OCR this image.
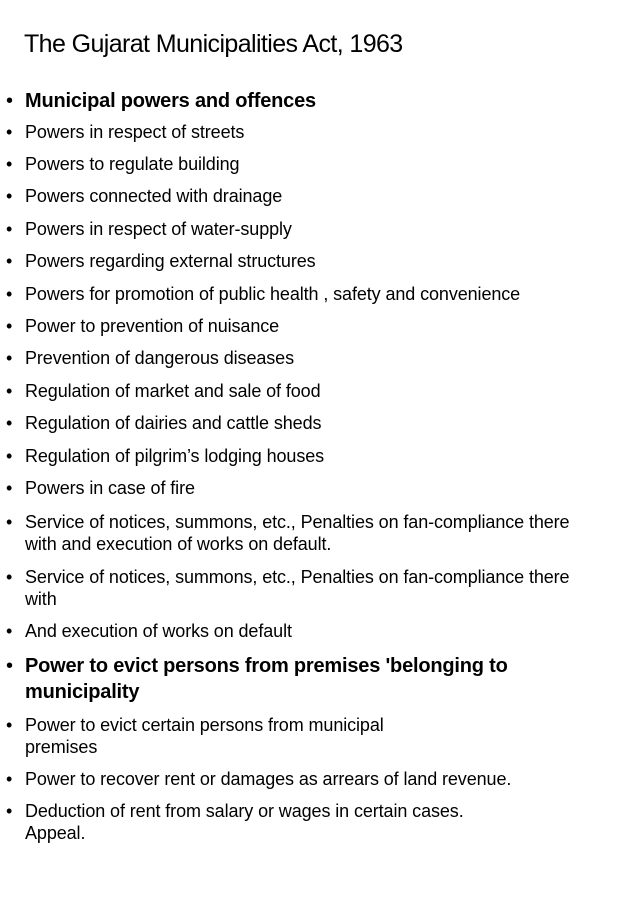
The Gujarat Municipalities Act, 1963
• Municipal powers and offences
• Powers in respect of streets
• Powers to regulate building
• Powers connected with drainage
• Powers in respect of water-supply
• Powers regarding external structures
• Powers for promotion of public health , safety and convenience
• Power to prevention of nuisance
• Prevention of dangerous diseases
• Regulation of market and sale of food
• Regulation of dairies and cattle sheds
• Regulation of pilgrim’s lodging houses
• Powers in case of fire
• Service of notices, summons, etc., Penalties on fan-compliance there
with and execution of works on default.
• Service of notices, summons, etc., Penalties on fan-compliance there
with
• And execution of works on default
• Power to evict persons from premises 'belonging to
municipality
• Power to evict certain persons from municipal
premises
• Power to recover rent or damages as arrears of land revenue.
• Deduction of rent from salary or wages in certain cases.
Appeal.
